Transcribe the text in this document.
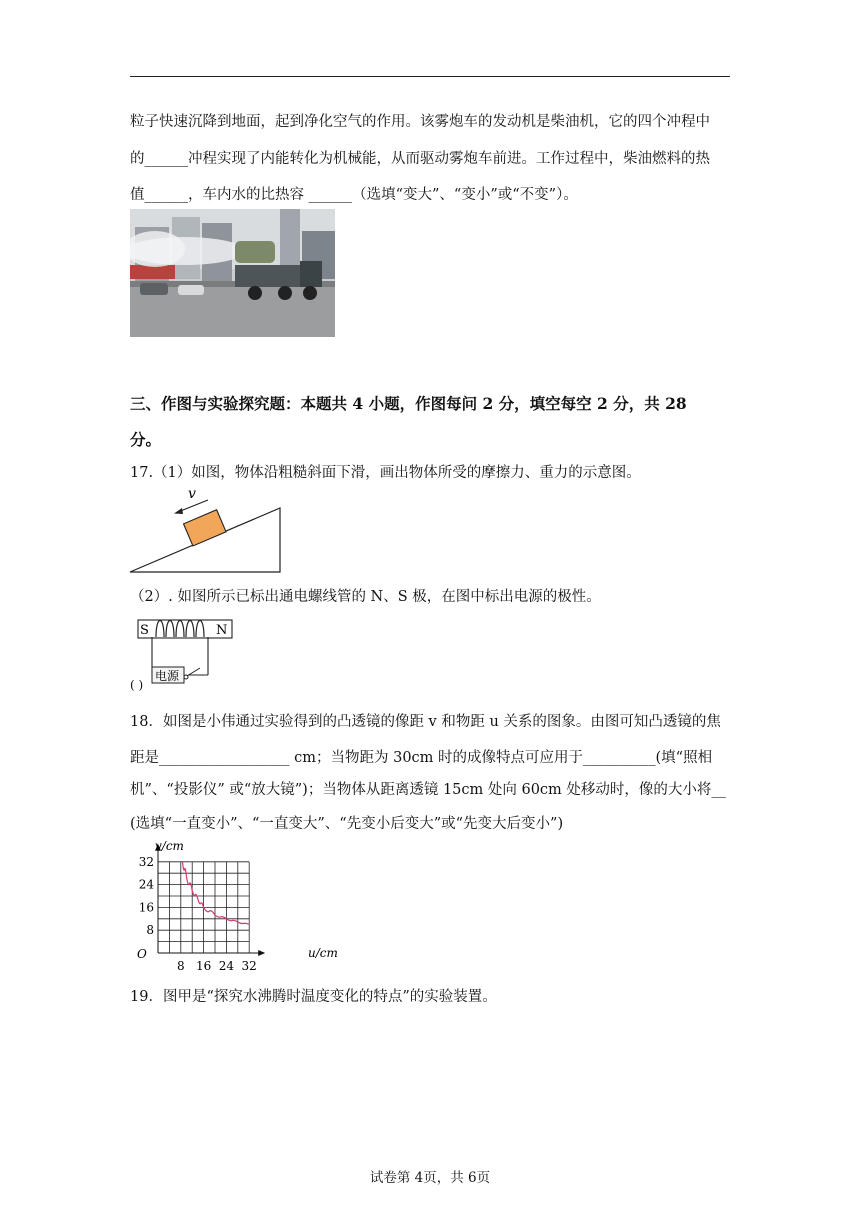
粒子快速沉降到地面，起到净化空气的作用。该雾炮车的发动机是柴油机，它的四个冲程中
的______冲程实现了内能转化为机械能，从而驱动雾炮车前进。工作过程中，柴油燃料的热
值______，车内水的比热容 ______（选填“变大”、“变小”或“不变”）。
三、作图与实验探究题：本题共 4 小题，作图每问 2 分，填空每空 2 分，共 28
分。
17.（1）如图，物体沿粗糙斜面下滑，画出物体所受的摩擦力、重力的示意图。
v
（2）. 如图所示已标出通电螺线管的 N、S 极，在图中标出电源的极性。
S	N
电源
( )
18．如图是小伟通过实验得到的凸透镜的像距 v 和物距 u 关系的图象。由图可知凸透镜的焦
距是__________________ cm；当物距为 30cm 时的成像特点可应用于__________(填“照相
机”、“投影仪” 或“放大镜”)；当物体从距离透镜 15cm 处向 60cm 处移动时，像的大小将__
(选填“一直变小”、“一直变大”、“先变小后变大”或“先变大后变小”)
8 16 24 32
8
16
24
32
v/cm
u/cm
O
19．图甲是“探究水沸腾时温度变化的特点”的实验装置。
试卷第 4页，共 6页
